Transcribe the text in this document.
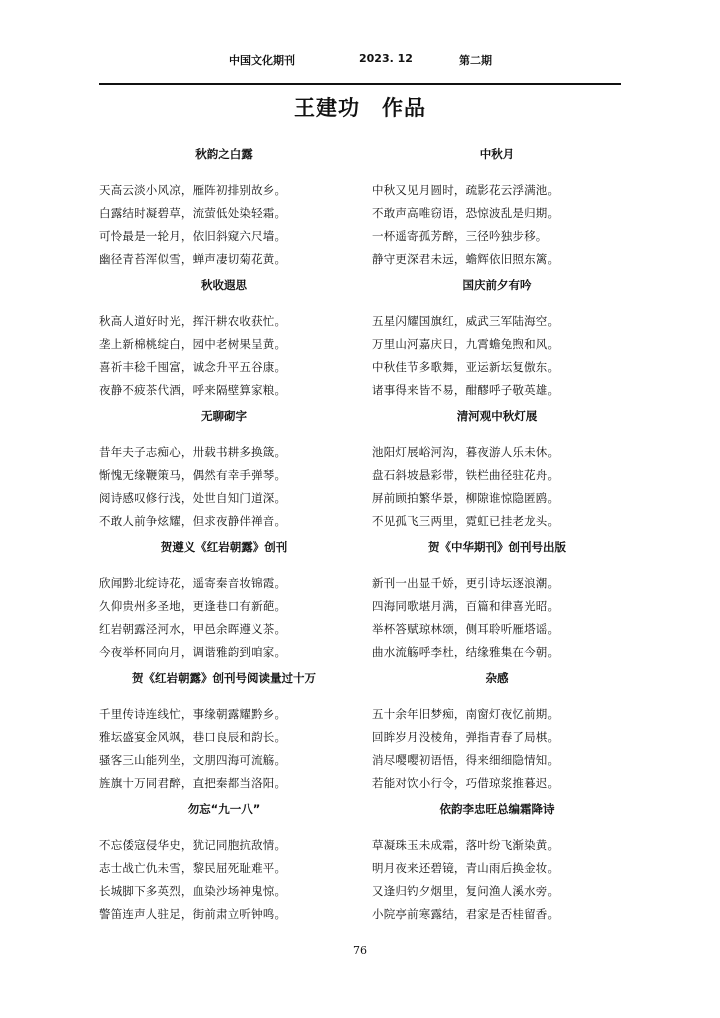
中国文化期刊	2023. 12	第二期
王建功　作品
秋韵之白露
天高云淡小风凉，雁阵初排别故乡。
白露结时凝碧草，流萤低处染轻霜。
可怜最是一轮月，依旧斜窥六尺墙。
幽径青苔浑似雪，蝉声凄切菊花黄。
秋收遐思
秋高人道好时光，挥汗耕农收获忙。
垄上新棉桃绽白，园中老树果呈黄。
喜祈丰稔千囤富，诚念升平五谷康。
夜静不疲茶代酒，呼来隔壁算家粮。
无聊砌字
昔年夫子志痴心，卅载书耕多换箴。
惭愧无缘鞭策马，偶然有幸手弹琴。
阅诗感叹修行浅，处世自知门道深。
不敢人前争炫耀，但求夜静伴禅音。
贺遵义《红岩朝露》创刊
欣闻黔北绽诗花，遥寄秦音妆锦霞。
久仰贵州多圣地，更逢巷口有新葩。
红岩朝露泾河水，甲邑余晖遵义茶。
今夜举杯同向月，调谐雅韵到咱家。
贺《红岩朝露》创刊号阅读量过十万
千里传诗连线忙，事缘朝露耀黔乡。
雅坛盛宴金风飒，巷口良辰和韵长。
骚客三山能列坐，文朋四海可流觞。
旌旗十万同君醉，直把秦都当洛阳。
勿忘“九一八”
不忘倭寇侵华史，犹记同胞抗敌情。
志士战亡仇未雪，黎民屈死耻难平。
长城脚下多英烈，血染沙场神鬼惊。
警笛连声人驻足，街前肃立听钟鸣。
中秋月
中秋又见月圆时，疏影花云浮满池。
不敢声高唯窃语，恐惊波乱是归期。
一杯遥寄孤芳醉，三径吟独步移。
静守更深君未远，蟾辉依旧照东篱。
国庆前夕有吟
五星闪耀国旗红，威武三军陆海空。
万里山河嘉庆日，九霄蟾兔煦和风。
中秋佳节多歌舞，亚运新坛复傲东。
诸事得来皆不易，酣醪呼子敬英雄。
清河观中秋灯展
池阳灯展峪河沟，暮夜游人乐未休。
盘石斜坡悬彩带，铁栏曲径驻花舟。
屏前顾拍繁华景，柳隙谁惊隐匿鸥。
不见孤飞三两里，霓虹已挂老龙头。
贺《中华期刊》创刊号出版
新刊一出显千娇，更引诗坛逐浪潮。
四海同歌堪月满，百篇和律喜光昭。
举杯答赋琼林颂，侧耳聆听雁塔谣。
曲水流觞呼李杜，结缘雅集在今朝。
杂感
五十余年旧梦痴，南窗灯夜忆前期。
回眸岁月没棱角，弹指青春了局棋。
消尽嘤嘤初语悟，得来细细隐情知。
若能对饮小行令，巧借琼浆推暮迟。
依韵李忠旺总编霜降诗
草凝珠玉未成霜，落叶纷飞渐染黄。
明月夜来还碧镜，青山雨后换金妆。
又逢归钓夕烟里，复问渔人溪水旁。
小院亭前寒露结，君家是否桂留香。
76
